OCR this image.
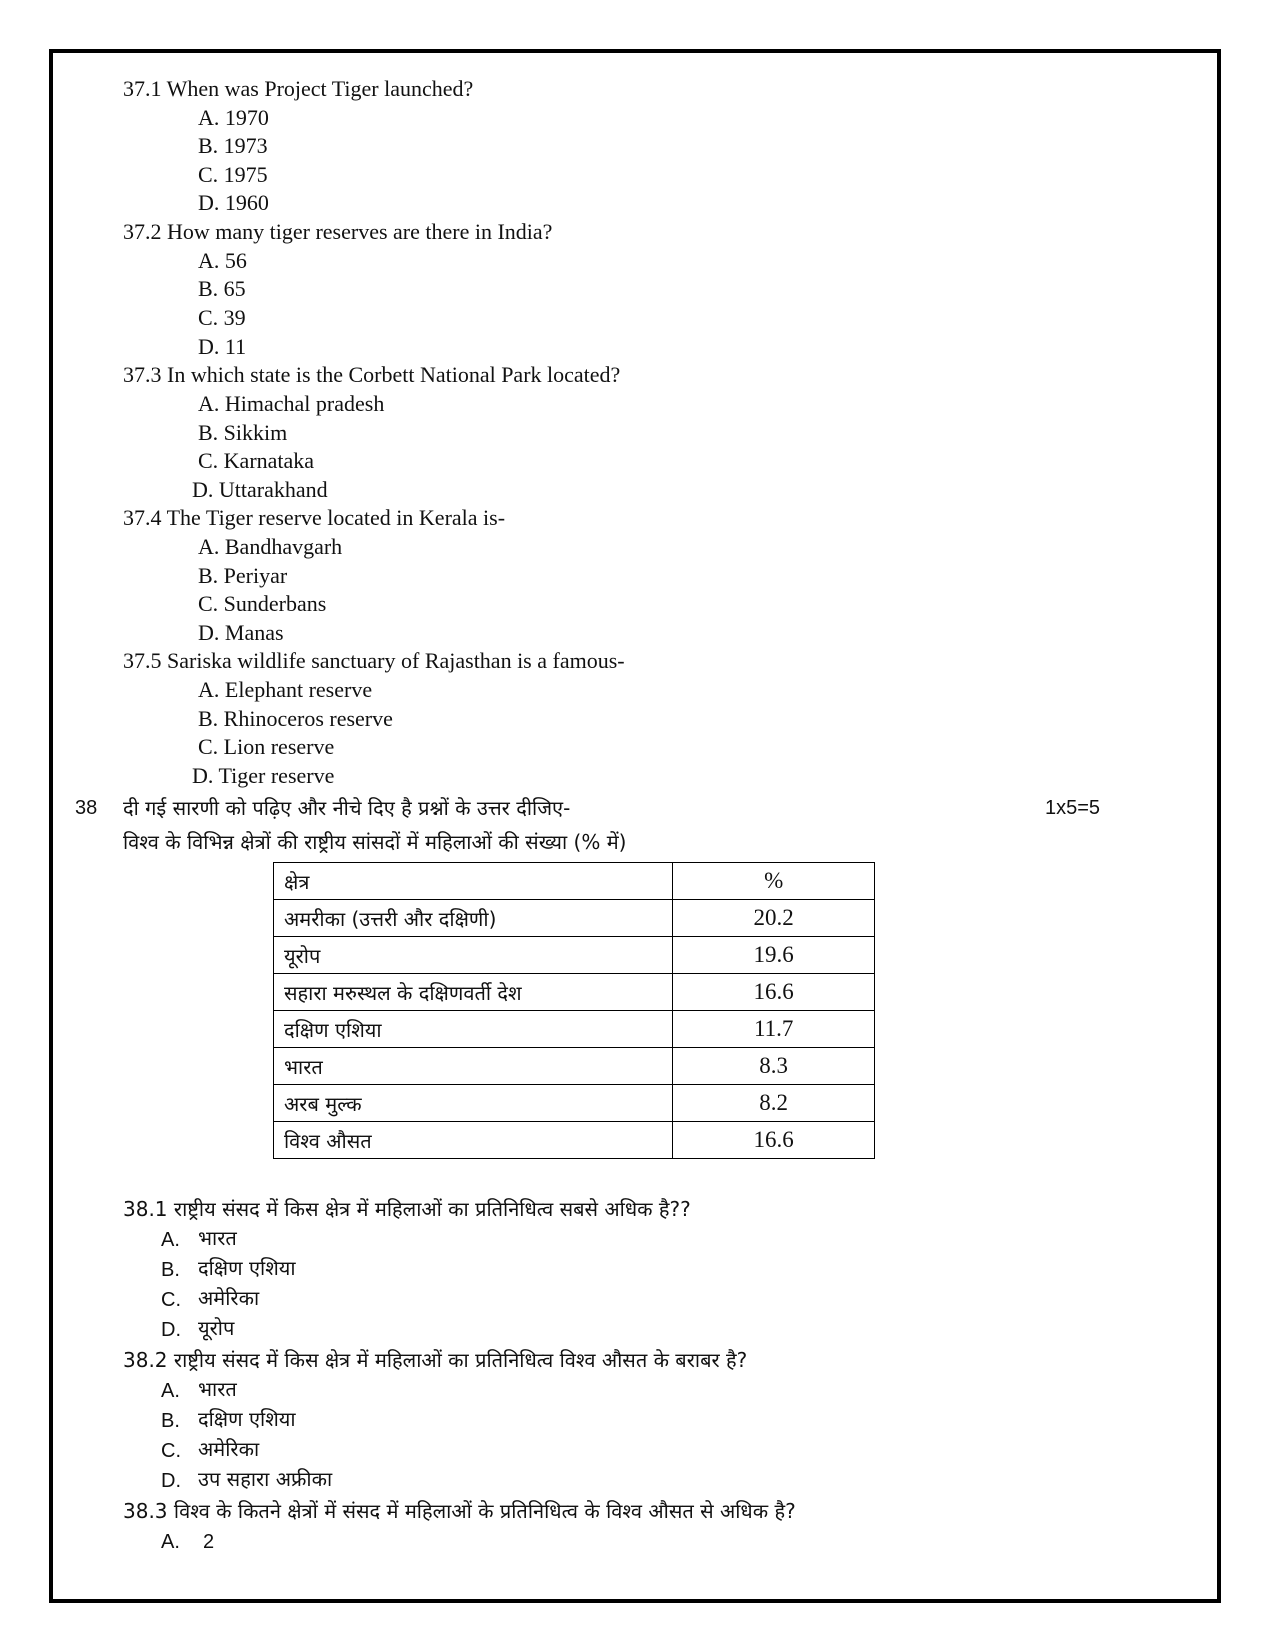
37.1 When was Project Tiger launched?
A. 1970
B. 1973
C. 1975
D. 1960
37.2 How many tiger reserves are there in India?
A. 56
B. 65
C. 39
D. 11
37.3 In which state is the Corbett National Park located?
A. Himachal pradesh
B. Sikkim
C. Karnataka
D. Uttarakhand
37.4 The Tiger reserve located in Kerala is-
A. Bandhavgarh
B. Periyar
C. Sunderbans
D. Manas
37.5 Sariska wildlife sanctuary of Rajasthan is a famous-
A. Elephant reserve
B. Rhinoceros reserve
C. Lion reserve
D. Tiger reserve
38 दी गई सारणी को पढ़िए और नीचे दिए है प्रश्नों के उत्तर दीजिए-	1x5=5
विश्व के विभिन्न क्षेत्रों की राष्ट्रीय सांसदों में महिलाओं की संख्या (% में)
क्षेत्र	%
अमरीका (उत्तरी और दक्षिणी)	20.2
यूरोप	19.6
सहारा मरुस्थल के दक्षिणवर्ती देश	16.6
दक्षिण एशिया	11.7
भारत	8.3
अरब मुल्क	8.2
विश्व औसत	16.6
38.1 राष्ट्रीय संसद में किस क्षेत्र में महिलाओं का प्रतिनिधित्व सबसे अधिक है??
A. भारत
B. दक्षिण एशिया
C. अमेरिका
D. यूरोप
38.2 राष्ट्रीय संसद में किस क्षेत्र में महिलाओं का प्रतिनिधित्व विश्व औसत के बराबर है?
A. भारत
B. दक्षिण एशिया
C. अमेरिका
D. उप सहारा अफ्रीका
38.3 विश्व के कितने क्षेत्रों में संसद में महिलाओं के प्रतिनिधित्व के विश्व औसत से अधिक है?
A. 2
